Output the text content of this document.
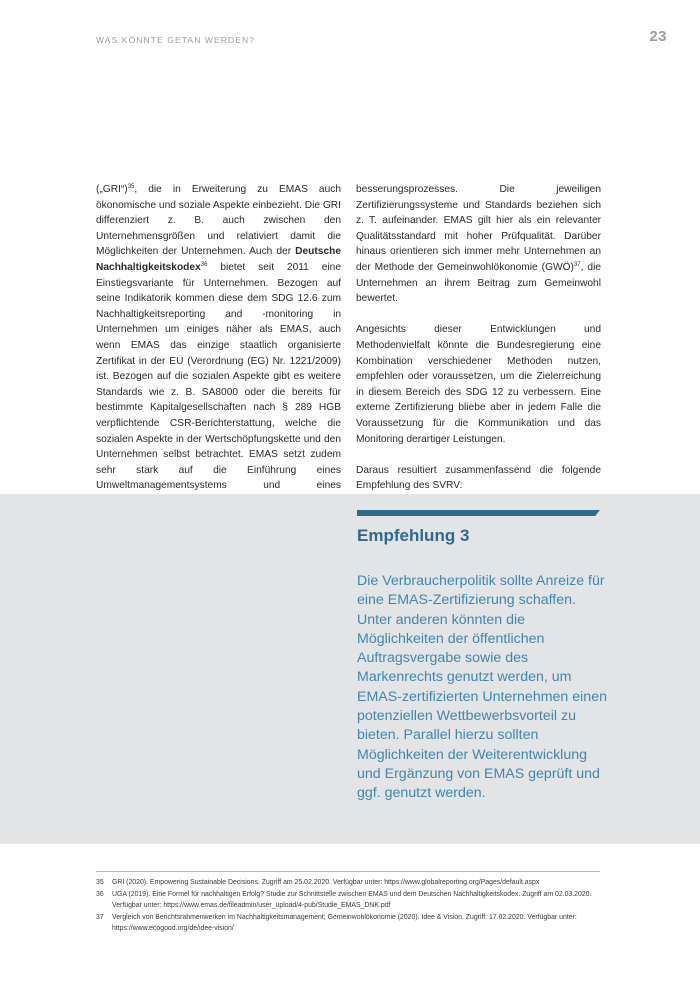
WAS KÖNNTE GETAN WERDEN?	23

(„GRI“)$^{35}$, die in Erweiterung zu EMAS auch ökonomische und soziale Aspekte einbezieht. Die GRI differenziert z. B. auch zwischen den Unternehmensgrößen und relativiert damit die Möglichkeiten der Unternehmen. Auch der Deutsche Nachhaltigkeitskodex$^{36}$ bietet seit 2011 eine Einstiegsvariante für Unternehmen. Bezogen auf seine Indikatorik kommen diese dem SDG 12.6 zum Nachhaltigkeitsreporting and -monitoring in Unternehmen um einiges näher als EMAS, auch wenn EMAS das einzige staatlich organisierte Zertifikat in der EU (Verordnung (EG) Nr. 1221/2009) ist. Bezogen auf die sozialen Aspekte gibt es weitere Standards wie z. B. SA8000 oder die bereits für bestimmte Kapitalgesellschaften nach § 289 HGB verpflichtende CSR-Berichterstattung, welche die sozialen Aspekte in der Wertschöpfungskette und den Unternehmen selbst betrachtet. EMAS setzt zudem sehr stark auf die Einführung eines Umweltmanagementsystems und eines

besserungsprozesses. Die jeweiligen Zertifizierungssysteme und Standards beziehen sich z. T. aufeinander. EMAS gilt hier als ein relevanter Qualitätsstandard mit hoher Prüfqualität. Darüber hinaus orientieren sich immer mehr Unternehmen an der Methode der Gemeinwohlökonomie (GWÖ)$^{37}$, die Unternehmen an ihrem Beitrag zum Gemeinwohl bewertet.

Angesichts dieser Entwicklungen und Methodenvielfalt könnte die Bundesregierung eine Kombination verschiedener Methoden nutzen, empfehlen oder voraussetzen, um die Zielerreichung in diesem Bereich des SDG 12 zu verbessern. Eine externe Zertifizierung bliebe aber in jedem Falle die Voraussetzung für die Kommunikation und das Monitoring derartiger Leistungen.

Daraus resultiert zusammenfassend die folgende Empfehlung des SVRV:

Empfehlung 3
Die Verbraucherpolitik sollte Anreize für eine EMAS-Zertifizierung schaffen. Unter anderen könnten die Möglichkeiten der öffentlichen Auftragsvergabe sowie des Markenrechts genutzt werden, um EMAS-zertifizierten Unternehmen einen potenziellen Wettbewerbsvorteil zu bieten. Parallel hierzu sollten Möglichkeiten der Weiterentwicklung und Ergänzung von EMAS geprüft und ggf. genutzt werden.
35	GRI (2020). Empowering Sustainable Decisions. Zugriff am 25.02.2020. Verfügbar unter: https://www.globalreporting.org/Pages/default.aspx
36	UGA (2019). Eine Formel für nachhaltigen Erfolg? Studie zur Schnittstelle zwischen EMAS und dem Deutschen Nachhaltigkeitskodex. Zugriff am 02.03.2020. Verfügbar unter: https://www.emas.de/fileadmin/user_upload/4-pub/Studie_EMAS_DNK.pdf
37	Vergleich von Berichtsrahmenwerken im Nachhaltigkeitsmanagement; Gemeinwohlökonomie (2020). Idee & Vision. Zugriff: 17.02.2020. Verfügbar unter: https://www.ecogood.org/de/idee-vision/
